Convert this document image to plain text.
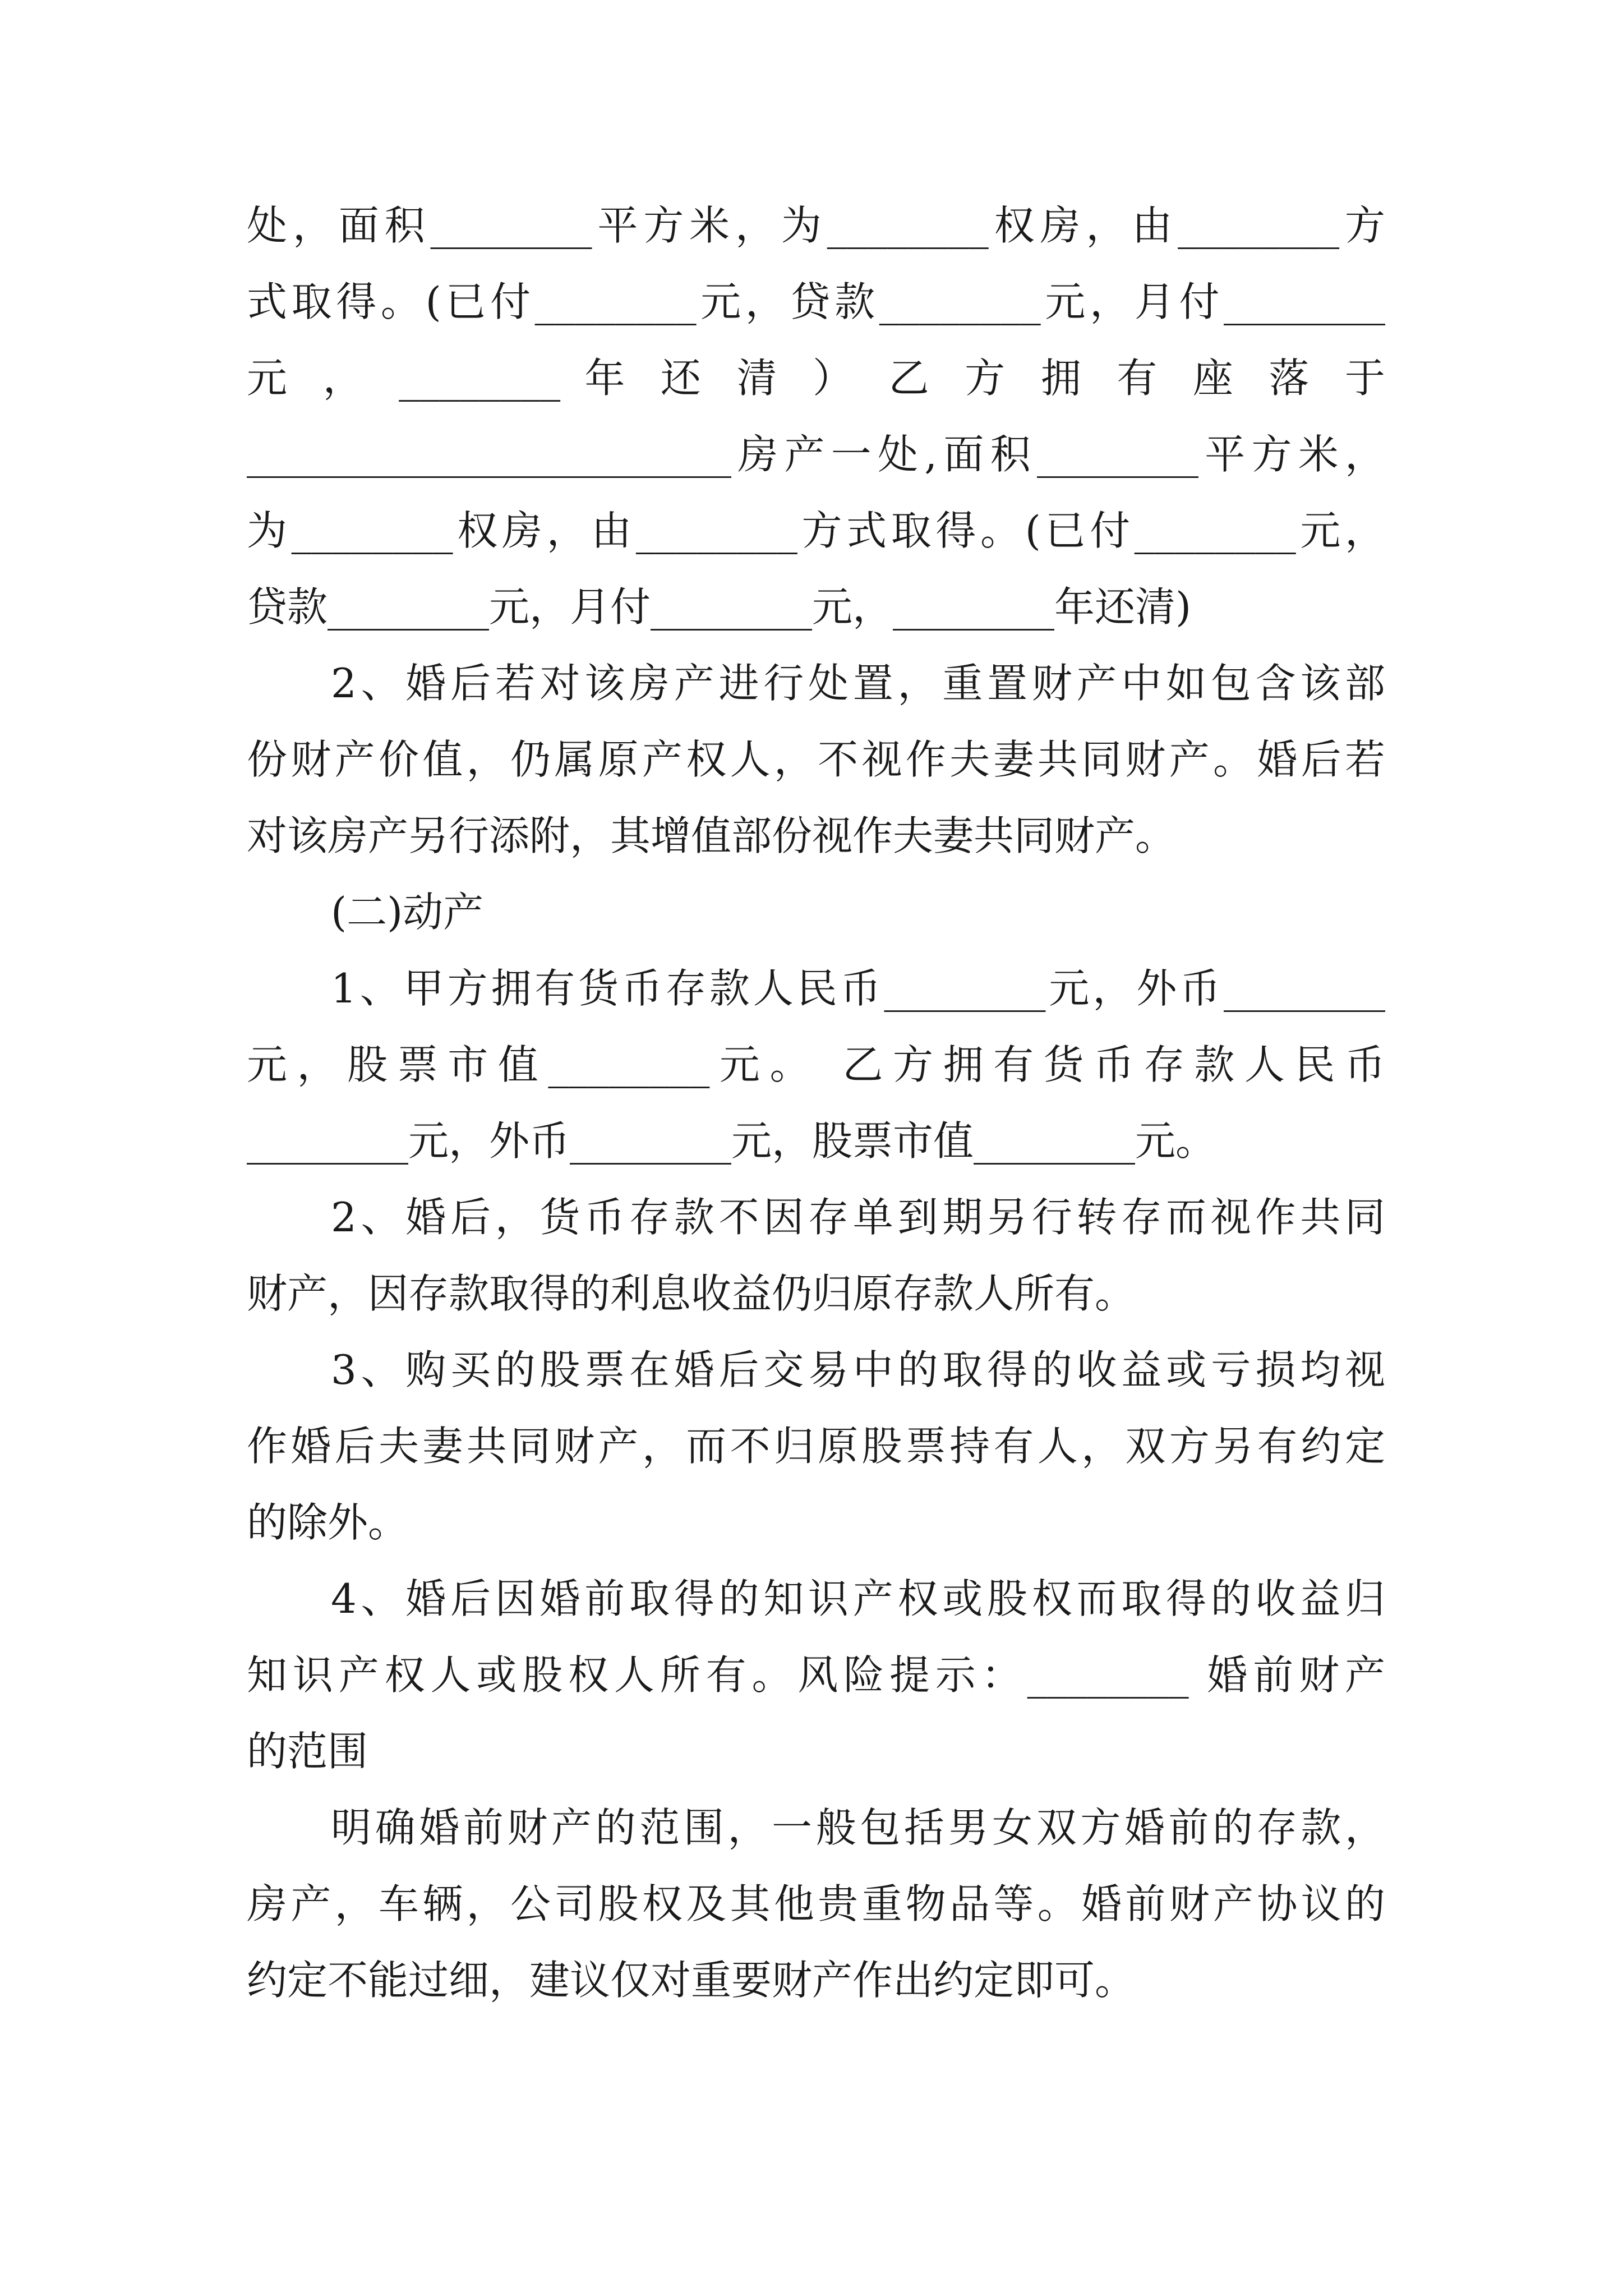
处，面积________平方米，为________权房，由________方
式取得。(已付________元，贷款________元，月付________
元 ， ________ 年 还 清 ） 乙 方 拥 有 座 落 于
________________________房产一处,面积________平方米，
为________权房，由________方式取得。(已付________元，
贷款________元，月付________元，________年还清)
2、婚后若对该房产进行处置，重置财产中如包含该部
份财产价值，仍属原产权人，不视作夫妻共同财产。婚后若
对该房产另行添附，其增值部份视作夫妻共同财产。
(二)动产
1、甲方拥有货币存款人民币________元，外币________
元，股票市值________元。 乙方拥有货币存款人民币
________元，外币________元，股票市值________元。
2、婚后，货币存款不因存单到期另行转存而视作共同
财产，因存款取得的利息收益仍归原存款人所有。
3、购买的股票在婚后交易中的取得的收益或亏损均视
作婚后夫妻共同财产，而不归原股票持有人，双方另有约定
的除外。
4、婚后因婚前取得的知识产权或股权而取得的收益归
知识产权人或股权人所有。风险提示：________ 婚前财产
的范围
明确婚前财产的范围，一般包括男女双方婚前的存款，
房产，车辆，公司股权及其他贵重物品等。婚前财产协议的
约定不能过细，建议仅对重要财产作出约定即可。
